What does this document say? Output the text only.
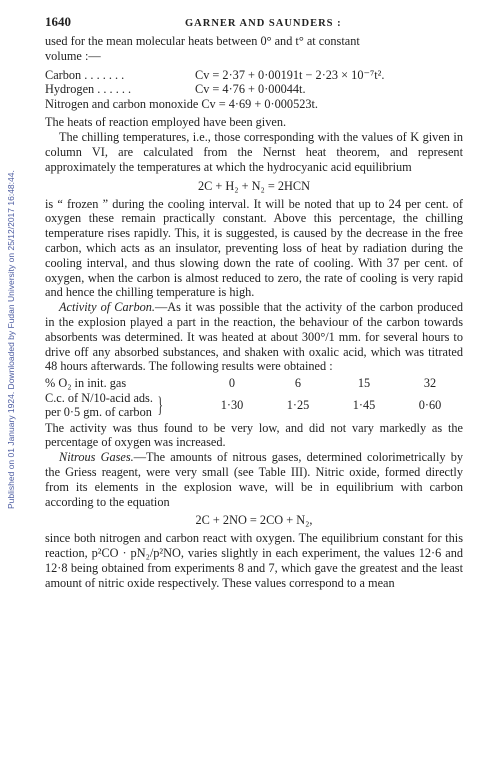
Published on 01 January 1924. Downloaded by Fudan University on 25/12/2017 16:48:44.
1640	GARNER AND SAUNDERS :

used for the mean molecular heats between 0° and t° at constant

volume :—

Carbon . . . . . . .	Cv = 2·37 + 0·00191t − 2·23 × 10⁻⁷t².
Hydrogen . . . . . .	Cv = 4·76 + 0·00044t.
Nitrogen and carbon monoxide Cv = 4·69 + 0·000523t.

The heats of reaction employed have been given.

The chilling temperatures, i.e., those corresponding with the values of K given in column VI, are calculated from the Nernst heat theorem, and represent approximately the temperatures at which the hydrocyanic acid equilibrium

2C + H₂ + N₂ = 2HCN

is “ frozen ” during the cooling interval. It will be noted that up to 24 per cent. of oxygen these remain practically constant. Above this percentage, the chilling temperature rises rapidly. This, it is suggested, is caused by the decrease in the free carbon, which acts as an insulator, preventing loss of heat by radiation during the cooling interval, and thus slowing down the rate of cooling. With 37 per cent. of oxygen, when the carbon is almost reduced to zero, the rate of cooling is very rapid and hence the chilling temperature is high.

Activity of Carbon.—As it was possible that the activity of the carbon produced in the explosion played a part in the reaction, the behaviour of the carbon towards absorbents was determined. It was heated at about 300°/1 mm. for several hours to drive off any absorbed substances, and shaken with oxalic acid, which was titrated 48 hours afterwards. The following results were obtained :

% O₂ in init. gas	0	6	15	32

C.c. of N/10-acid ads.
per 0·5 gm. of carbon }	1·30	1·25	1·45	0·60

The activity was thus found to be very low, and did not vary markedly as the percentage of oxygen was increased.

Nitrous Gases.—The amounts of nitrous gases, determined colorimetrically by the Griess reagent, were very small (see Table III). Nitric oxide, formed directly from its elements in the explosion wave, will be in equilibrium with carbon according to the equation

2C + 2NO = 2CO + N₂,

since both nitrogen and carbon react with oxygen. The equilibrium constant for this reaction, p²CO · pN₂/p²NO, varies slightly in each experiment, the values 12·6 and 12·8 being obtained from experiments 8 and 7, which gave the greatest and the least amount of nitric oxide respectively. These values correspond to a mean
